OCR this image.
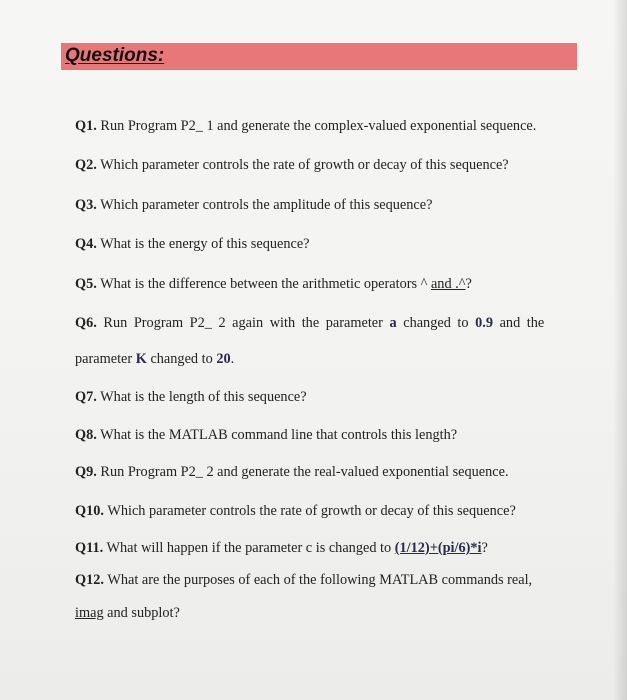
Questions:
Q1. Run Program P2_ 1 and generate the complex-valued exponential sequence.
Q2. Which parameter controls the rate of growth or decay of this sequence?
Q3. Which parameter controls the amplitude of this sequence?
Q4. What is the energy of this sequence?
Q5. What is the difference between the arithmetic operators ^ and .^?
Q6. Run Program P2_ 2 again with the parameter a changed to 0.9 and the
parameter K changed to 20.
Q7. What is the length of this sequence?
Q8. What is the MATLAB command line that controls this length?
Q9. Run Program P2_ 2 and generate the real-valued exponential sequence.
Q10. Which parameter controls the rate of growth or decay of this sequence?
Q11. What will happen if the parameter c is changed to (1/12)+(pi/6)*i?
Q12. What are the purposes of each of the following MATLAB commands real,
imag and subplot?
